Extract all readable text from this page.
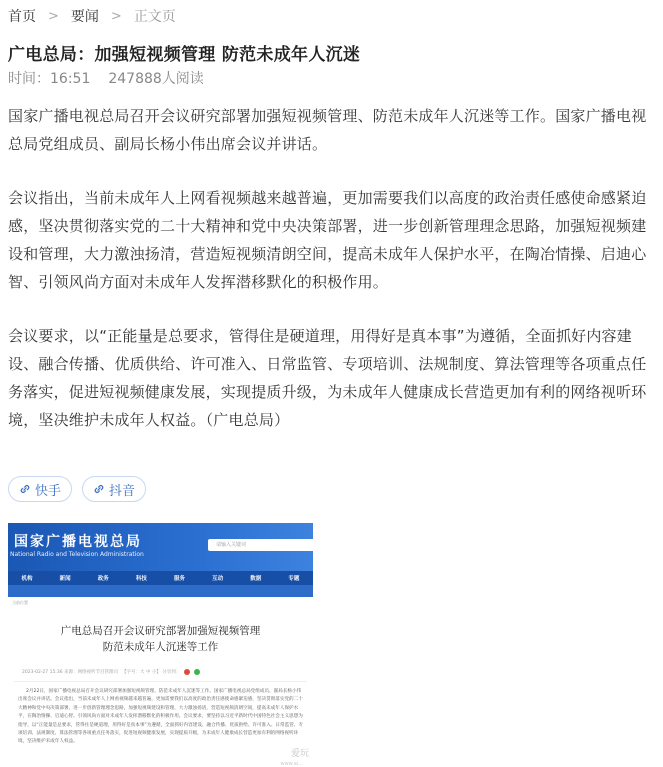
首页 > 要闻 > 正文页
广电总局：加强短视频管理 防范未成年人沉迷
时间：16:51 247888人阅读

国家广播电视总局召开会议研究部署加强短视频管理、防范未成年人沉迷等工作。国家广播电视总局党组成员、副局长杨小伟出席会议并讲话。

会议指出，当前未成年人上网看视频越来越普遍，更加需要我们以高度的政治责任感使命感紧迫感，坚决贯彻落实党的二十大精神和党中央决策部署，进一步创新管理理念思路，加强短视频建设和管理，大力激浊扬清，营造短视频清朗空间，提高未成年人保护水平，在陶冶情操、启迪心智、引领风尚方面对未成年人发挥潜移默化的积极作用。

会议要求，以“正能量是总要求，管得住是硬道理，用得好是真本事”为遵循，全面抓好内容建设、融合传播、优质供给、许可准入、日常监管、专项培训、法规制度、算法管理等各项重点任务落实，促进短视频健康发展，实现提质升级，为未成年人健康成长营造更加有利的网络视听环境，坚决维护未成年人权益。（广电总局）

快手	抖音
国家广播电视总局
National Radio and Television Administration
请输入关键词
机构	新闻	政务	科技	服务	互动	数据	专题
当前位置
广电总局召开会议研究部署加强短视频管理
防范未成年人沉迷等工作
2023-02-27 15:36 来源：网络视听节目管理司 【字号：大 中 小】 分享到：
2月22日，国家广播电视总局召开会议研究部署加强短视频管理、防范未成年人沉迷等工作。国家广播电视总局党组成员、副局长杨小伟出席会议并讲话。会议指出，当前未成年人上网看视频越来越普遍，更加需要我们以高度的政治责任感使命感紧迫感，坚决贯彻落实党的二十大精神和党中央决策部署，进一步创新管理理念思路，加强短视频建设和管理，大力激浊扬清，营造短视频清朗空间，提高未成年人保护水平，在陶冶情操、启迪心智、引领风尚方面对未成年人发挥潜移默化的积极作用。会议要求，要坚持以习近平新时代中国特色社会主义思想为指导，以“正能量是总要求，管得住是硬道理，用得好是真本事”为遵循，全面抓好内容建设、融合传播、优质供给、许可准入、日常监管、专项培训、法规制度、算法管理等各项重点任务落实，促进短视频健康发展，实现提质升级，为未成年人健康成长营造更加有利的网络视听环境，坚决维护未成年人权益。
爱玩
www.ai...
